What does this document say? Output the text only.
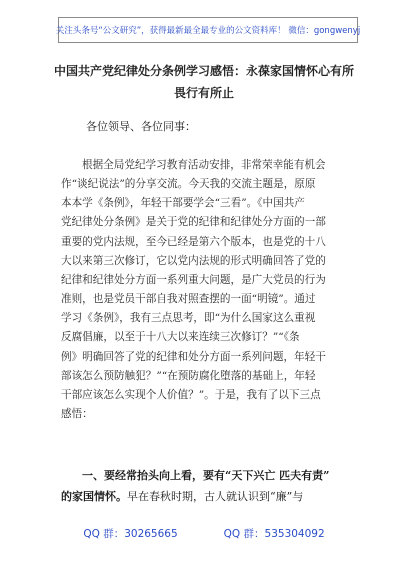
关注头条号“公文研究”，获得最新最全最专业的公文资料库！ 微信：gongwenyj
中国共产党纪律处分条例学习感悟：永葆家国情怀心有所
畏行有所止
各位领导、各位同事：
根据全局党纪学习教育活动安排，非常荣幸能有机会
作“谈纪说法”的分享交流。今天我的交流主题是，原原
本本学《条例》，年轻干部要学会“三看”。《中国共产
党纪律处分条例》是关于党的纪律和纪律处分方面的一部
重要的党内法规，至今已经是第六个版本，也是党的十八
大以来第三次修订，它以党内法规的形式明确回答了党的
纪律和纪律处分方面一系列重大问题，是广大党员的行为
准则，也是党员干部自我对照查摆的一面“明镜”。通过
学习《条例》，我有三点思考，即“为什么国家这么重视
反腐倡廉，以至于十八大以来连续三次修订？”“《条
例》明确回答了党的纪律和处分方面一系列问题，年轻干
部该怎么预防触犯？”“在预防腐化堕落的基础上，年轻
干部应该怎么实现个人价值？”。于是，我有了以下三点
感悟：
一、要经常抬头向上看，要有“天下兴亡 匹夫有责”
的家国情怀。早在春秋时期，古人就认识到“廉”与
QQ 群：30265665	QQ 群：535304092
